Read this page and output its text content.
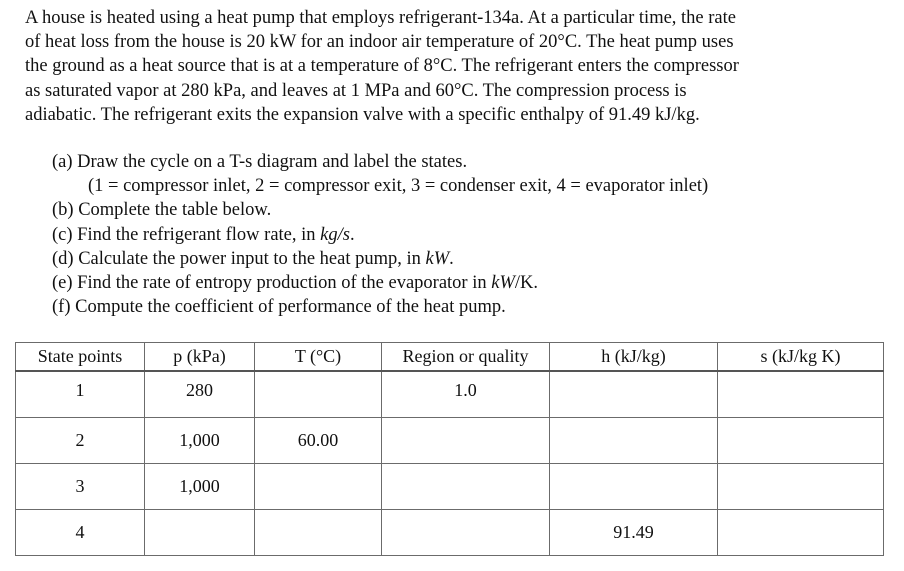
A house is heated using a heat pump that employs refrigerant-134a. At a particular time, the rate
of heat loss from the house is 20 kW for an indoor air temperature of 20°C. The heat pump uses
the ground as a heat source that is at a temperature of 8°C. The refrigerant enters the compressor
as saturated vapor at 280 kPa, and leaves at 1 MPa and 60°C. The compression process is
adiabatic. The refrigerant exits the expansion valve with a specific enthalpy of 91.49 kJ/kg.
(a) Draw the cycle on a T-s diagram and label the states.
(1 = compressor inlet, 2 = compressor exit, 3 = condenser exit, 4 = evaporator inlet)
(b) Complete the table below.
(c) Find the refrigerant flow rate, in kg/s.
(d) Calculate the power input to the heat pump, in kW.
(e) Find the rate of entropy production of the evaporator in kW/K.
(f) Compute the coefficient of performance of the heat pump.
State points	p (kPa)	T (°C)	Region or quality	h (kJ/kg)	s (kJ/kg K)
1	280		1.0		
2	1,000	60.00			
3	1,000				
4				91.49	
